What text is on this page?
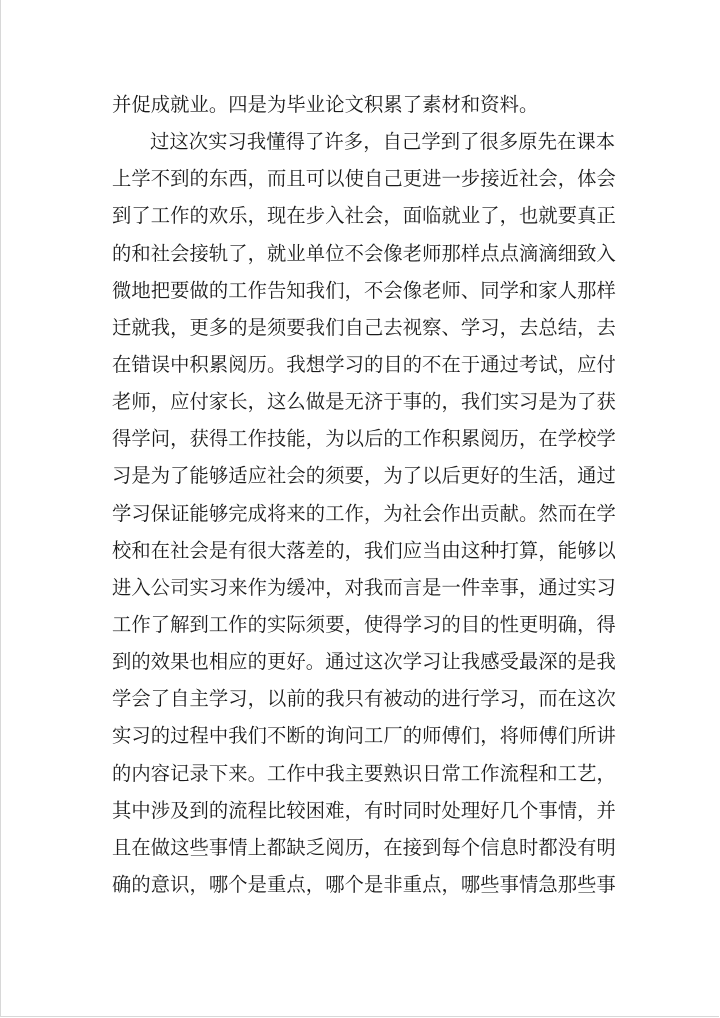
并促成就业。四是为毕业论文积累了素材和资料。
过这次实习我懂得了许多，自己学到了很多原先在课本
上学不到的东西，而且可以使自己更进一步接近社会，体会
到了工作的欢乐，现在步入社会，面临就业了，也就要真正
的和社会接轨了，就业单位不会像老师那样点点滴滴细致入
微地把要做的工作告知我们，不会像老师、同学和家人那样
迁就我，更多的是须要我们自己去视察、学习，去总结，去
在错误中积累阅历。我想学习的目的不在于通过考试，应付
老师，应付家长，这么做是无济于事的，我们实习是为了获
得学问，获得工作技能，为以后的工作积累阅历，在学校学
习是为了能够适应社会的须要，为了以后更好的生活，通过
学习保证能够完成将来的工作，为社会作出贡献。然而在学
校和在社会是有很大落差的，我们应当由这种打算，能够以
进入公司实习来作为缓冲，对我而言是一件幸事，通过实习
工作了解到工作的实际须要，使得学习的目的性更明确，得
到的效果也相应的更好。通过这次学习让我感受最深的是我
学会了自主学习，以前的我只有被动的进行学习，而在这次
实习的过程中我们不断的询问工厂的师傅们，将师傅们所讲
的内容记录下来。工作中我主要熟识日常工作流程和工艺，
其中涉及到的流程比较困难，有时同时处理好几个事情，并
且在做这些事情上都缺乏阅历，在接到每个信息时都没有明
确的意识，哪个是重点，哪个是非重点，哪些事情急那些事
